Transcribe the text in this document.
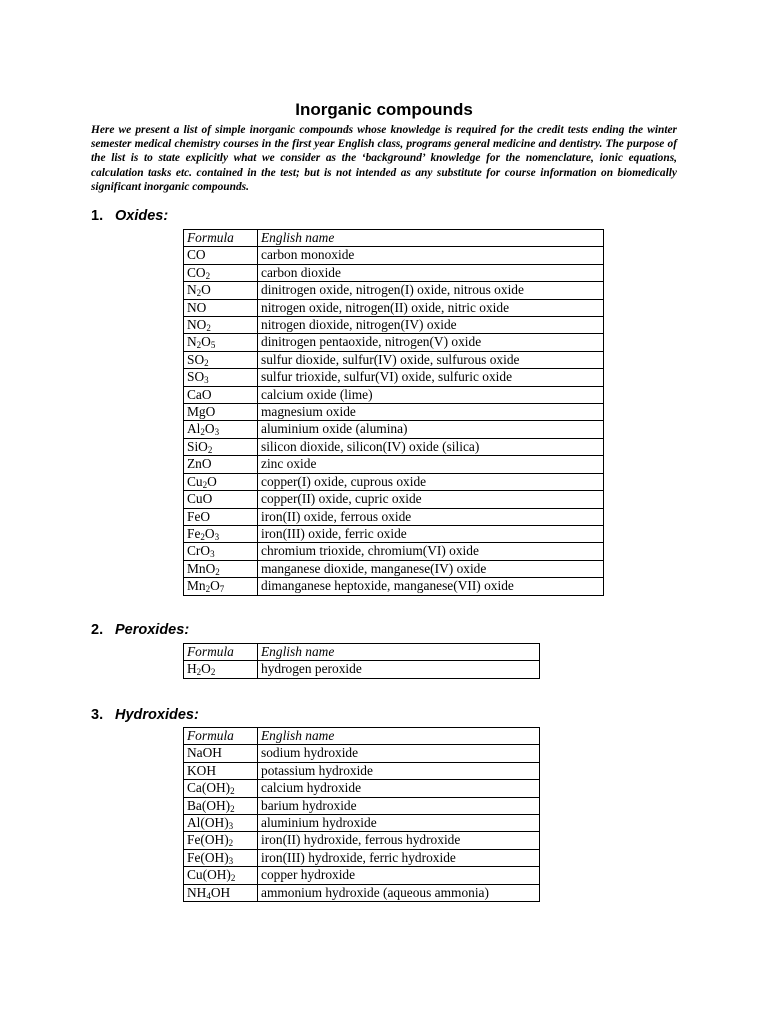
Inorganic compounds
Here we present a list of simple inorganic compounds whose knowledge is required for the credit tests ending the winter semester medical chemistry courses in the first year English class, programs general medicine and dentistry. The purpose of the list is to state explicitly what we consider as the ‘background’ knowledge for the nomenclature, ionic equations, calculation tasks etc. contained in the test; but is not intended as any substitute for course information on biomedically significant inorganic compounds.
1. Oxides:
Formula	English name
CO	carbon monoxide
$CO_2$	carbon dioxide
$N_2O$	dinitrogen oxide, nitrogen(I) oxide, nitrous oxide
NO	nitrogen oxide, nitrogen(II) oxide, nitric oxide
$NO_2$	nitrogen dioxide, nitrogen(IV) oxide
$N_2O_5$	dinitrogen pentaoxide, nitrogen(V) oxide
$SO_2$	sulfur dioxide, sulfur(IV) oxide, sulfurous oxide
$SO_3$	sulfur trioxide, sulfur(VI) oxide, sulfuric oxide
CaO	calcium oxide (lime)
MgO	magnesium oxide
$Al_2O_3$	aluminium oxide (alumina)
SiO$_2$	silicon dioxide, silicon(IV) oxide (silica)
ZnO	zinc oxide
$Cu_2O$	copper(I) oxide, cuprous oxide
CuO	copper(II) oxide, cupric oxide
FeO	iron(II) oxide, ferrous oxide
$Fe_2O_3$	iron(III) oxide, ferric oxide
CrO$_3$	chromium trioxide, chromium(VI) oxide
MnO$_2$	manganese dioxide, manganese(IV) oxide
$Mn_2O_7$	dimanganese heptoxide, manganese(VII) oxide
2. Peroxides:
Formula	English name
$H_2O_2$	hydrogen peroxide
3. Hydroxides:
Formula	English name
NaOH	sodium hydroxide
KOH	potassium hydroxide
$Ca(OH)_2$	calcium hydroxide
$Ba(OH)_2$	barium hydroxide
$Al(OH)_3$	aluminium hydroxide
$Fe(OH)_2$	iron(II) hydroxide, ferrous hydroxide
$Fe(OH)_3$	iron(III) hydroxide, ferric hydroxide
$Cu(OH)_2$	copper hydroxide
$NH_4OH$	ammonium hydroxide (aqueous ammonia)
